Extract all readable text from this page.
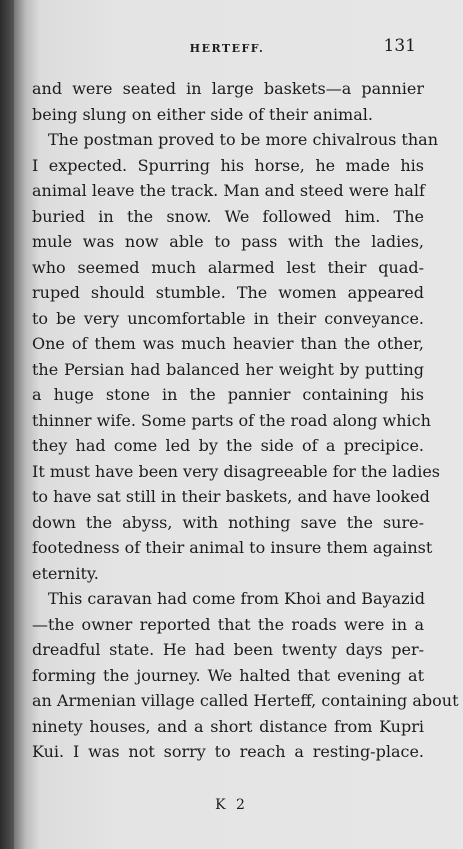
HERTEFF.	131
and were seated in large baskets—a pannier
being slung on either side of their animal.
The postman proved to be more chivalrous than
I expected. Spurring his horse, he made his
animal leave the track. Man and steed were half
buried in the snow. We followed him. The
mule was now able to pass with the ladies,
who seemed much alarmed lest their quad-
ruped should stumble. The women appeared
to be very uncomfortable in their conveyance.
One of them was much heavier than the other,
the Persian had balanced her weight by putting
a huge stone in the pannier containing his
thinner wife. Some parts of the road along which
they had come led by the side of a precipice.
It must have been very disagreeable for the ladies
to have sat still in their baskets, and have looked
down the abyss, with nothing save the sure-
footedness of their animal to insure them against
eternity.
This caravan had come from Khoi and Bayazid
—the owner reported that the roads were in a
dreadful state. He had been twenty days per-
forming the journey. We halted that evening at
an Armenian village called Herteff, containing about
ninety houses, and a short distance from Kupri
Kui. I was not sorry to reach a resting-place.
K 2
